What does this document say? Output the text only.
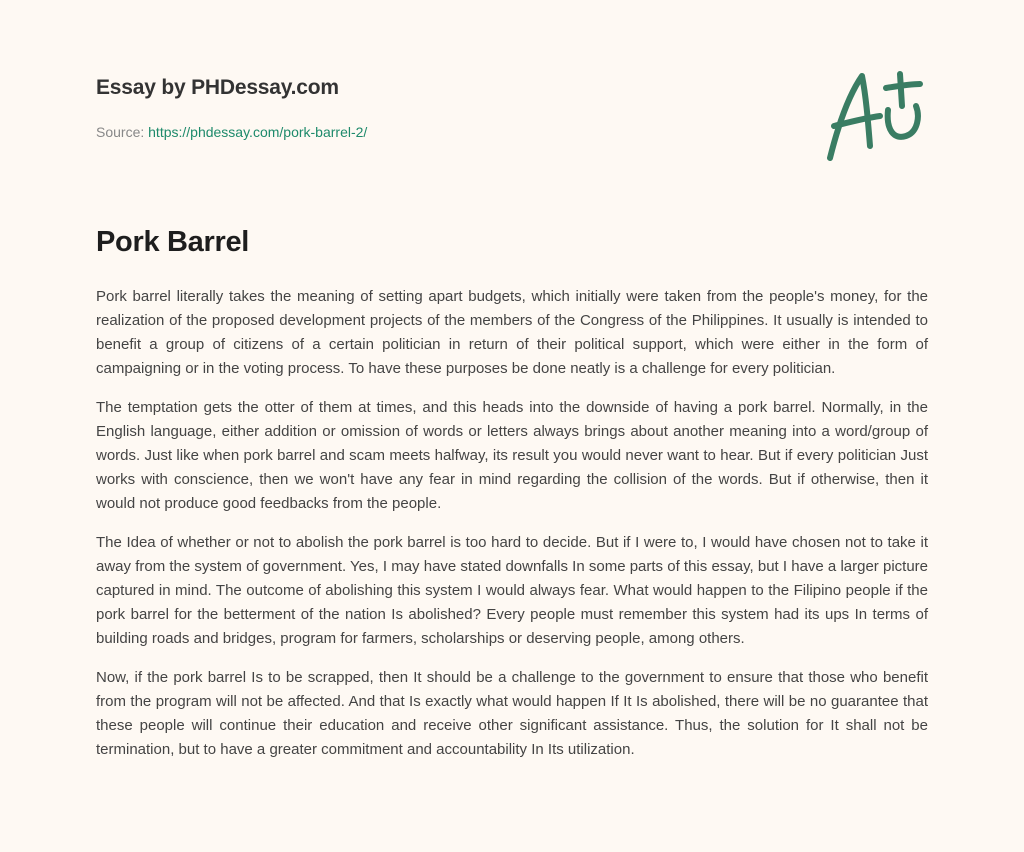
Essay by PHDessay.com
Source: https://phdessay.com/pork-barrel-2/
Pork Barrel

Pork barrel literally takes the meaning of setting apart budgets, which initially were taken from the people's money, for the realization of the proposed development projects of the members of the Congress of the Philippines. It usually is intended to benefit a group of citizens of a certain politician in return of their political support, which were either in the form of campaigning or in the voting process. To have these purposes be done neatly is a challenge for every politician.

The temptation gets the otter of them at times, and this heads into the downside of having a pork barrel. Normally, in the English language, either addition or omission of words or letters always brings about another meaning into a word/group of words. Just like when pork barrel and scam meets halfway, its result you would never want to hear. But if every politician Just works with conscience, then we won't have any fear in mind regarding the collision of the words. But if otherwise, then it would not produce good feedbacks from the people.

The Idea of whether or not to abolish the pork barrel is too hard to decide. But if I were to, I would have chosen not to take it away from the system of government. Yes, I may have stated downfalls In some parts of this essay, but I have a larger picture captured in mind. The outcome of abolishing this system I would always fear. What would happen to the Filipino people if the pork barrel for the betterment of the nation Is abolished? Every people must remember this system had its ups In terms of building roads and bridges, program for farmers, scholarships or deserving people, among others.

Now, if the pork barrel Is to be scrapped, then It should be a challenge to the government to ensure that those who benefit from the program will not be affected. And that Is exactly what would happen If It Is abolished, there will be no guarantee that these people will continue their education and receive other significant assistance. Thus, the solution for It shall not be termination, but to have a greater commitment and accountability In Its utilization.
